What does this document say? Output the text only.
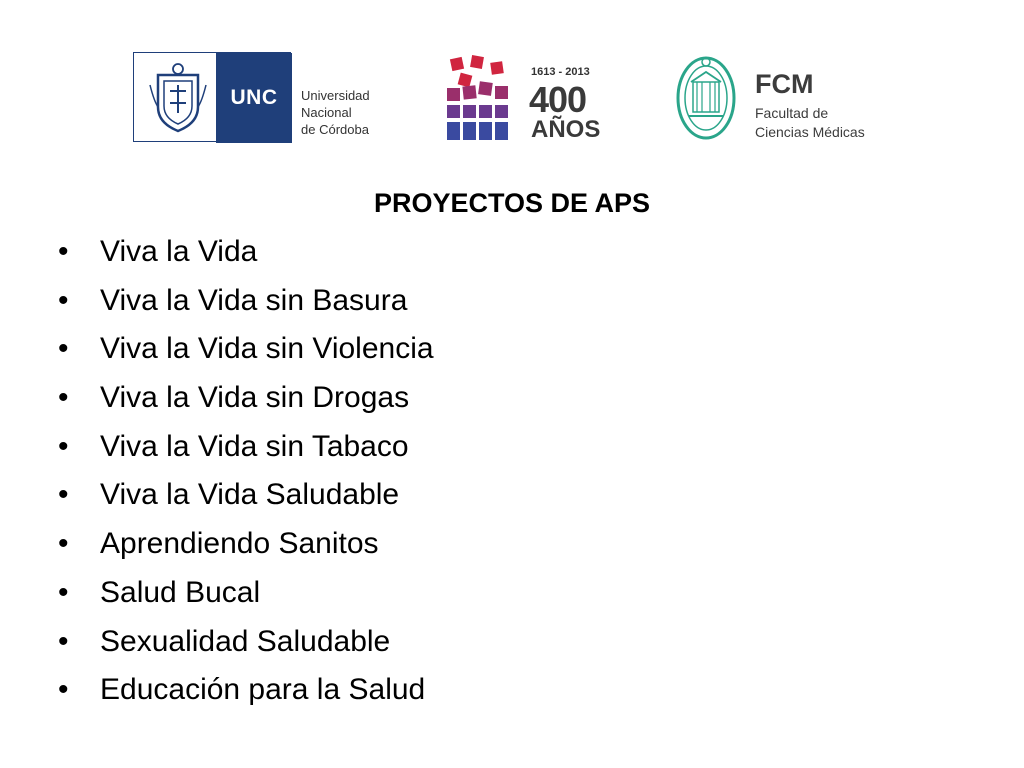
UNC	Universidad
Nacional
de Córdoba
1613 - 2013
400
AÑOS
FCM
Facultad de
Ciencias Médicas
PROYECTOS DE APS
•	Viva la Vida
•	Viva la Vida sin Basura
•	Viva la Vida sin Violencia
•	Viva la Vida sin Drogas
•	Viva la Vida sin Tabaco
•	Viva la Vida Saludable
•	Aprendiendo Sanitos
•	Salud Bucal
•	Sexualidad Saludable
•	Educación para la Salud
